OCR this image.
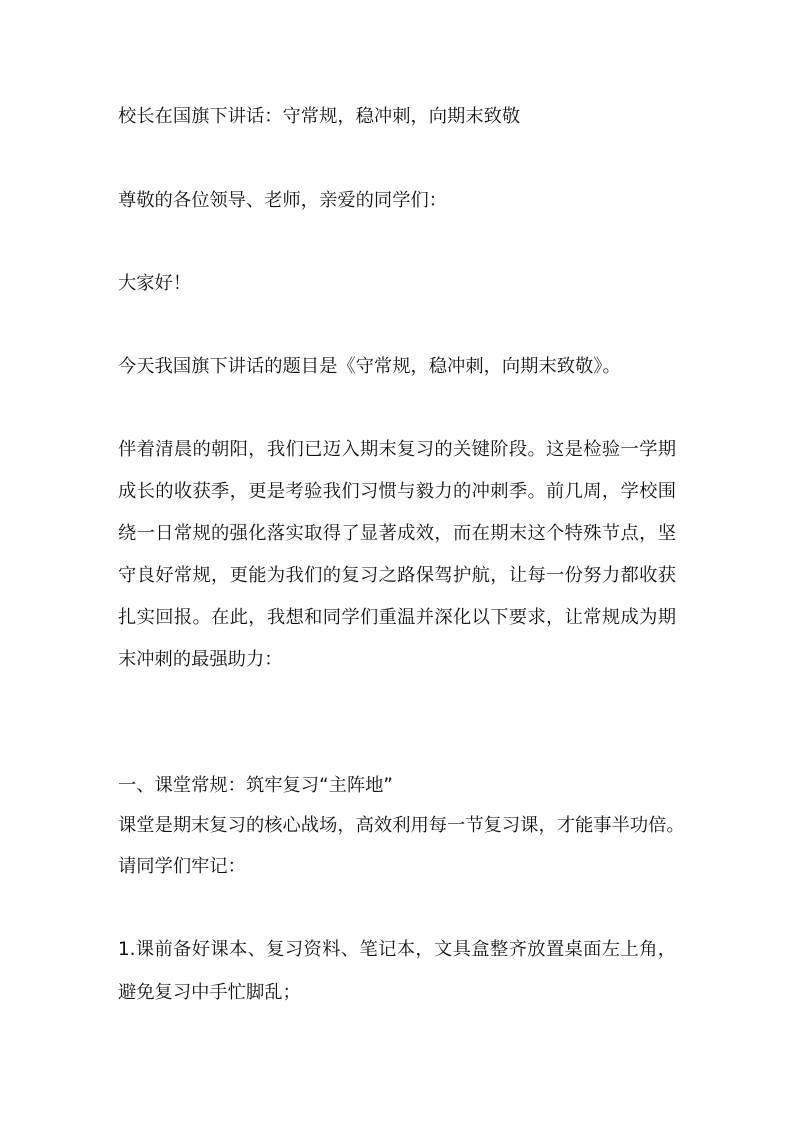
校长在国旗下讲话：守常规，稳冲刺，向期末致敬
尊敬的各位领导、老师，亲爱的同学们：
大家好！
今天我国旗下讲话的题目是《守常规，稳冲刺，向期末致敬》。
伴着清晨的朝阳，我们已迈入期末复习的关键阶段。这是检验一学期
成长的收获季，更是考验我们习惯与毅力的冲刺季。前几周，学校围
绕一日常规的强化落实取得了显著成效，而在期末这个特殊节点，坚
守良好常规，更能为我们的复习之路保驾护航，让每一份努力都收获
扎实回报。在此，我想和同学们重温并深化以下要求，让常规成为期
末冲刺的最强助力：
一、课堂常规：筑牢复习“主阵地”
课堂是期末复习的核心战场，高效利用每一节复习课，才能事半功倍。
请同学们牢记：
1.课前备好课本、复习资料、笔记本，文具盒整齐放置桌面左上角，
避免复习中手忙脚乱；
